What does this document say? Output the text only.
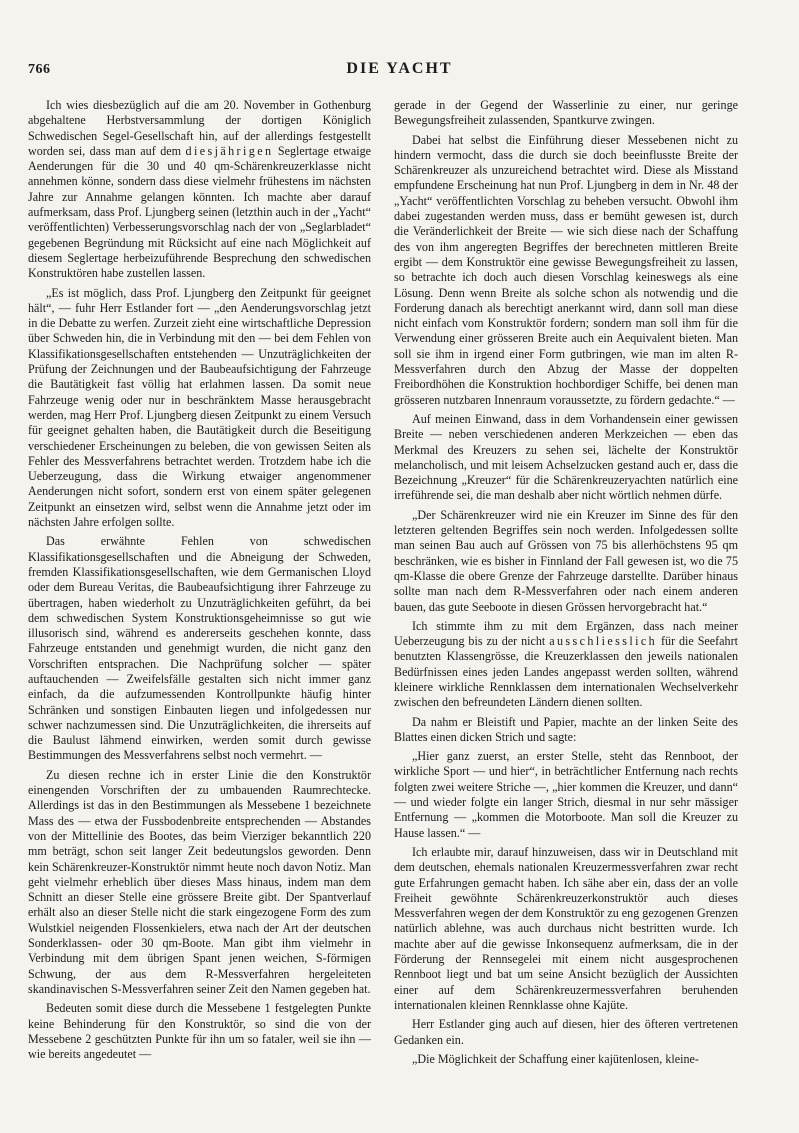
766	DIE YACHT

Ich wies diesbezüglich auf die am 20. November in Gothenburg abgehaltene Herbstversammlung der dortigen Königlich Schwedischen Segel-Gesellschaft hin, auf der allerdings festgestellt worden sei, dass man auf dem diesjährigen Seglertage etwaige Aenderungen für die 30 und 40 qm-Schärenkreuzerklasse nicht annehmen könne, sondern dass diese vielmehr frühestens im nächsten Jahre zur Annahme gelangen könnten. Ich machte aber darauf aufmerksam, dass Prof. Ljungberg seinen (letzthin auch in der „Yacht“ veröffentlichten) Verbesserungsvorschlag nach der von „Seglarbladet“ gegebenen Begründung mit Rücksicht auf eine nach Möglichkeit auf diesem Seglertage herbeizuführende Besprechung den schwedischen Konstruktören habe zustellen lassen.

„Es ist möglich, dass Prof. Ljungberg den Zeitpunkt für geeignet hält“, — fuhr Herr Estlander fort — „den Aenderungsvorschlag jetzt in die Debatte zu werfen. Zurzeit zieht eine wirtschaftliche Depression über Schweden hin, die in Verbindung mit den — bei dem Fehlen von Klassifikationsgesellschaften entstehenden — Unzuträglichkeiten der Prüfung der Zeichnungen und der Baubeaufsichtigung der Fahrzeuge die Bautätigkeit fast völlig hat erlahmen lassen. Da somit neue Fahrzeuge wenig oder nur in beschränktem Masse herausgebracht werden, mag Herr Prof. Ljungberg diesen Zeitpunkt zu einem Versuch für geeignet gehalten haben, die Bautätigkeit durch die Beseitigung verschiedener Erscheinungen zu beleben, die von gewissen Seiten als Fehler des Messverfahrens betrachtet werden. Trotzdem habe ich die Ueberzeugung, dass die Wirkung etwaiger angenommener Aenderungen nicht sofort, sondern erst von einem später gelegenen Zeitpunkt an einsetzen wird, selbst wenn die Annahme jetzt oder im nächsten Jahre erfolgen sollte.

Das erwähnte Fehlen von schwedischen Klassifikationsgesellschaften und die Abneigung der Schweden, fremden Klassifikationsgesellschaften, wie dem Germanischen Lloyd oder dem Bureau Veritas, die Baubeaufsichtigung ihrer Fahrzeuge zu übertragen, haben wiederholt zu Unzuträglichkeiten geführt, da bei dem schwedischen System Konstruktionsgeheimnisse so gut wie illusorisch sind, während es andererseits geschehen konnte, dass Fahrzeuge entstanden und genehmigt wurden, die nicht ganz den Vorschriften entsprachen. Die Nachprüfung solcher — später auftauchenden — Zweifelsfälle gestalten sich nicht immer ganz einfach, da die aufzumessenden Kontrollpunkte häufig hinter Schränken und sonstigen Einbauten liegen und infolgedessen nur schwer nachzumessen sind. Die Unzuträglichkeiten, die ihrerseits auf die Baulust lähmend einwirken, werden somit durch gewisse Bestimmungen des Messverfahrens selbst noch vermehrt. —

Zu diesen rechne ich in erster Linie die den Konstruktör einengenden Vorschriften der zu umbauenden Raumrechtecke. Allerdings ist das in den Bestimmungen als Messebene 1 bezeichnete Mass des — etwa der Fussbodenbreite entsprechenden — Abstandes von der Mittellinie des Bootes, das beim Vierziger bekanntlich 220 mm beträgt, schon seit langer Zeit bedeutungslos geworden. Denn kein Schärenkreuzer-Konstruktör nimmt heute noch davon Notiz. Man geht vielmehr erheblich über dieses Mass hinaus, indem man dem Schnitt an dieser Stelle eine grössere Breite gibt. Der Spantverlauf erhält also an dieser Stelle nicht die stark eingezogene Form des zum Wulstkiel neigenden Flossenkielers, etwa nach der Art der deutschen Sonderklassen- oder 30 qm-Boote. Man gibt ihm vielmehr in Verbindung mit dem übrigen Spant jenen weichen, S-förmigen Schwung, der aus dem R-Messverfahren hergeleiteten skandinavischen S-Messverfahren seiner Zeit den Namen gegeben hat.

Bedeuten somit diese durch die Messebene 1 festgelegten Punkte keine Behinderung für den Konstruktör, so sind die von der Messebene 2 geschützten Punkte für ihn um so fataler, weil sie ihn — wie bereits angedeutet —

gerade in der Gegend der Wasserlinie zu einer, nur geringe Bewegungsfreiheit zulassenden, Spantkurve zwingen.

Dabei hat selbst die Einführung dieser Messebenen nicht zu hindern vermocht, dass die durch sie doch beeinflusste Breite der Schärenkreuzer als unzureichend betrachtet wird. Diese als Misstand empfundene Erscheinung hat nun Prof. Ljungberg in dem in Nr. 48 der „Yacht“ veröffentlichten Vorschlag zu beheben versucht. Obwohl ihm dabei zugestanden werden muss, dass er bemüht gewesen ist, durch die Veränderlichkeit der Breite — wie sich diese nach der Schaffung des von ihm angeregten Begriffes der berechneten mittleren Breite ergibt — dem Konstruktör eine gewisse Bewegungsfreiheit zu lassen, so betrachte ich doch auch diesen Vorschlag keineswegs als eine Lösung. Denn wenn Breite als solche schon als notwendig und die Forderung danach als berechtigt anerkannt wird, dann soll man diese nicht einfach vom Konstruktör fordern; sondern man soll ihm für die Verwendung einer grösseren Breite auch ein Aequivalent bieten. Man soll sie ihm in irgend einer Form gutbringen, wie man im alten R-Messverfahren durch den Abzug der Masse der doppelten Freibordhöhen die Konstruktion hochbordiger Schiffe, bei denen man grösseren nutzbaren Innenraum voraussetzte, zu fördern gedachte.“ —

Auf meinen Einwand, dass in dem Vorhandensein einer gewissen Breite — neben verschiedenen anderen Merkzeichen — eben das Merkmal des Kreuzers zu sehen sei, lächelte der Konstruktör melancholisch, und mit leisem Achselzucken gestand auch er, dass die Bezeichnung „Kreuzer“ für die Schärenkreuzeryachten natürlich eine irreführende sei, die man deshalb aber nicht wörtlich nehmen dürfe.

„Der Schärenkreuzer wird nie ein Kreuzer im Sinne des für den letzteren geltenden Begriffes sein noch werden. Infolgedessen sollte man seinen Bau auch auf Grössen von 75 bis allerhöchstens 95 qm beschränken, wie es bisher in Finnland der Fall gewesen ist, wo die 75 qm-Klasse die obere Grenze der Fahrzeuge darstellte. Darüber hinaus sollte man nach dem R-Messverfahren oder nach einem anderen bauen, das gute Seeboote in diesen Grössen hervorgebracht hat.“

Ich stimmte ihm zu mit dem Ergänzen, dass nach meiner Ueberzeugung bis zu der nicht ausschliesslich für die Seefahrt benutzten Klassengrösse, die Kreuzerklassen den jeweils nationalen Bedürfnissen eines jeden Landes angepasst werden sollten, während kleinere wirkliche Rennklassen dem internationalen Wechselverkehr zwischen den befreundeten Ländern dienen sollten.

Da nahm er Bleistift und Papier, machte an der linken Seite des Blattes einen dicken Strich und sagte:

„Hier ganz zuerst, an erster Stelle, steht das Rennboot, der wirkliche Sport — und hier“, in beträchtlicher Entfernung nach rechts folgten zwei weitere Striche —, „hier kommen die Kreuzer, und dann“ — und wieder folgte ein langer Strich, diesmal in nur sehr mässiger Entfernung — „kommen die Motorboote. Man soll die Kreuzer zu Hause lassen.“ —

Ich erlaubte mir, darauf hinzuweisen, dass wir in Deutschland mit dem deutschen, ehemals nationalen Kreuzermessverfahren zwar recht gute Erfahrungen gemacht haben. Ich sähe aber ein, dass der an volle Freiheit gewöhnte Schärenkreuzerkonstruktör auch dieses Messverfahren wegen der dem Konstruktör zu eng gezogenen Grenzen natürlich ablehne, was auch durchaus nicht bestritten wurde. Ich machte aber auf die gewisse Inkonsequenz aufmerksam, die in der Förderung der Rennsegelei mit einem nicht ausgesprochenen Rennboot liegt und bat um seine Ansicht bezüglich der Aussichten einer auf dem Schärenkreuzermessverfahren beruhenden internationalen kleinen Rennklasse ohne Kajüte.

Herr Estlander ging auch auf diesen, hier des öfteren vertretenen Gedanken ein.

„Die Möglichkeit der Schaffung einer kajütenlosen, kleine-
